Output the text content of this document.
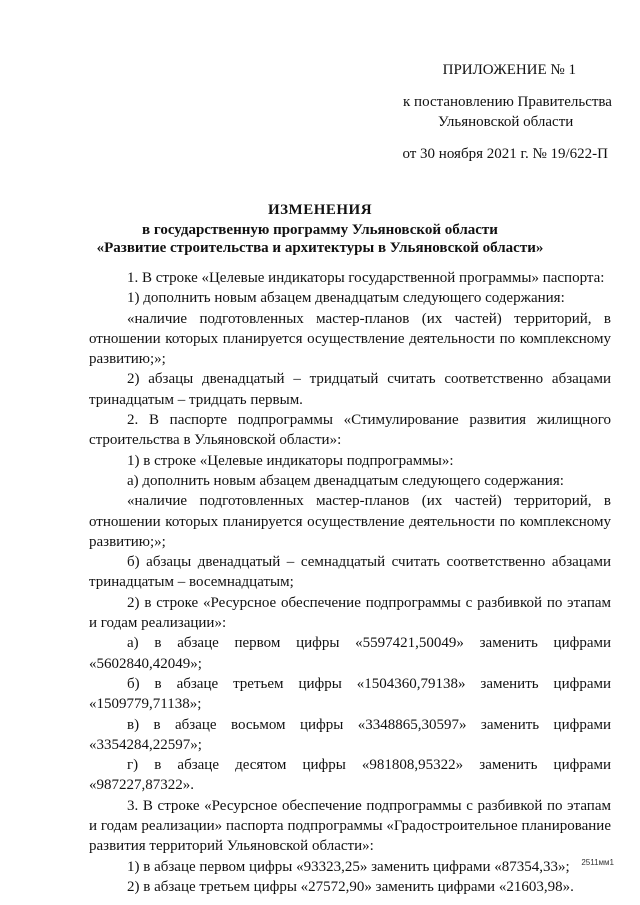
ПРИЛОЖЕНИЕ № 1
к постановлению Правительства
Ульяновской области
от 30 ноября 2021 г. № 19/622-П
ИЗМЕНЕНИЯ
в государственную программу Ульяновской области
«Развитие строительства и архитектуры в Ульяновской области»

1. В строке «Целевые индикаторы государственной программы» паспорта:

1) дополнить новым абзацем двенадцатым следующего содержания:

«наличие подготовленных мастер-планов (их частей) территорий, в отношении которых планируется осуществление деятельности по комплексному развитию;»;

2) абзацы двенадцатый – тридцатый считать соответственно абзацами тринадцатым – тридцать первым.

2. В паспорте подпрограммы «Стимулирование развития жилищного строительства в Ульяновской области»:

1) в строке «Целевые индикаторы подпрограммы»:

а) дополнить новым абзацем двенадцатым следующего содержания:

«наличие подготовленных мастер-планов (их частей) территорий, в отношении которых планируется осуществление деятельности по комплексному развитию;»;

б) абзацы двенадцатый – семнадцатый считать соответственно абзацами тринадцатым – восемнадцатым;

2) в строке «Ресурсное обеспечение подпрограммы с разбивкой по этапам и годам реализации»:

а) в абзаце первом цифры «5597421,50049» заменить цифрами «5602840,42049»;

б) в абзаце третьем цифры «1504360,79138» заменить цифрами «1509779,71138»;

в) в абзаце восьмом цифры «3348865,30597» заменить цифрами «3354284,22597»;

г) в абзаце десятом цифры «981808,95322» заменить цифрами «987227,87322».

3. В строке «Ресурсное обеспечение подпрограммы с разбивкой по этапам и годам реализации» паспорта подпрограммы «Градостроительное планирование развития территорий Ульяновской области»:

1) в абзаце первом цифры «93323,25» заменить цифрами «87354,33»;

2) в абзаце третьем цифры «27572,90» заменить цифрами «21603,98».

2511мм1
